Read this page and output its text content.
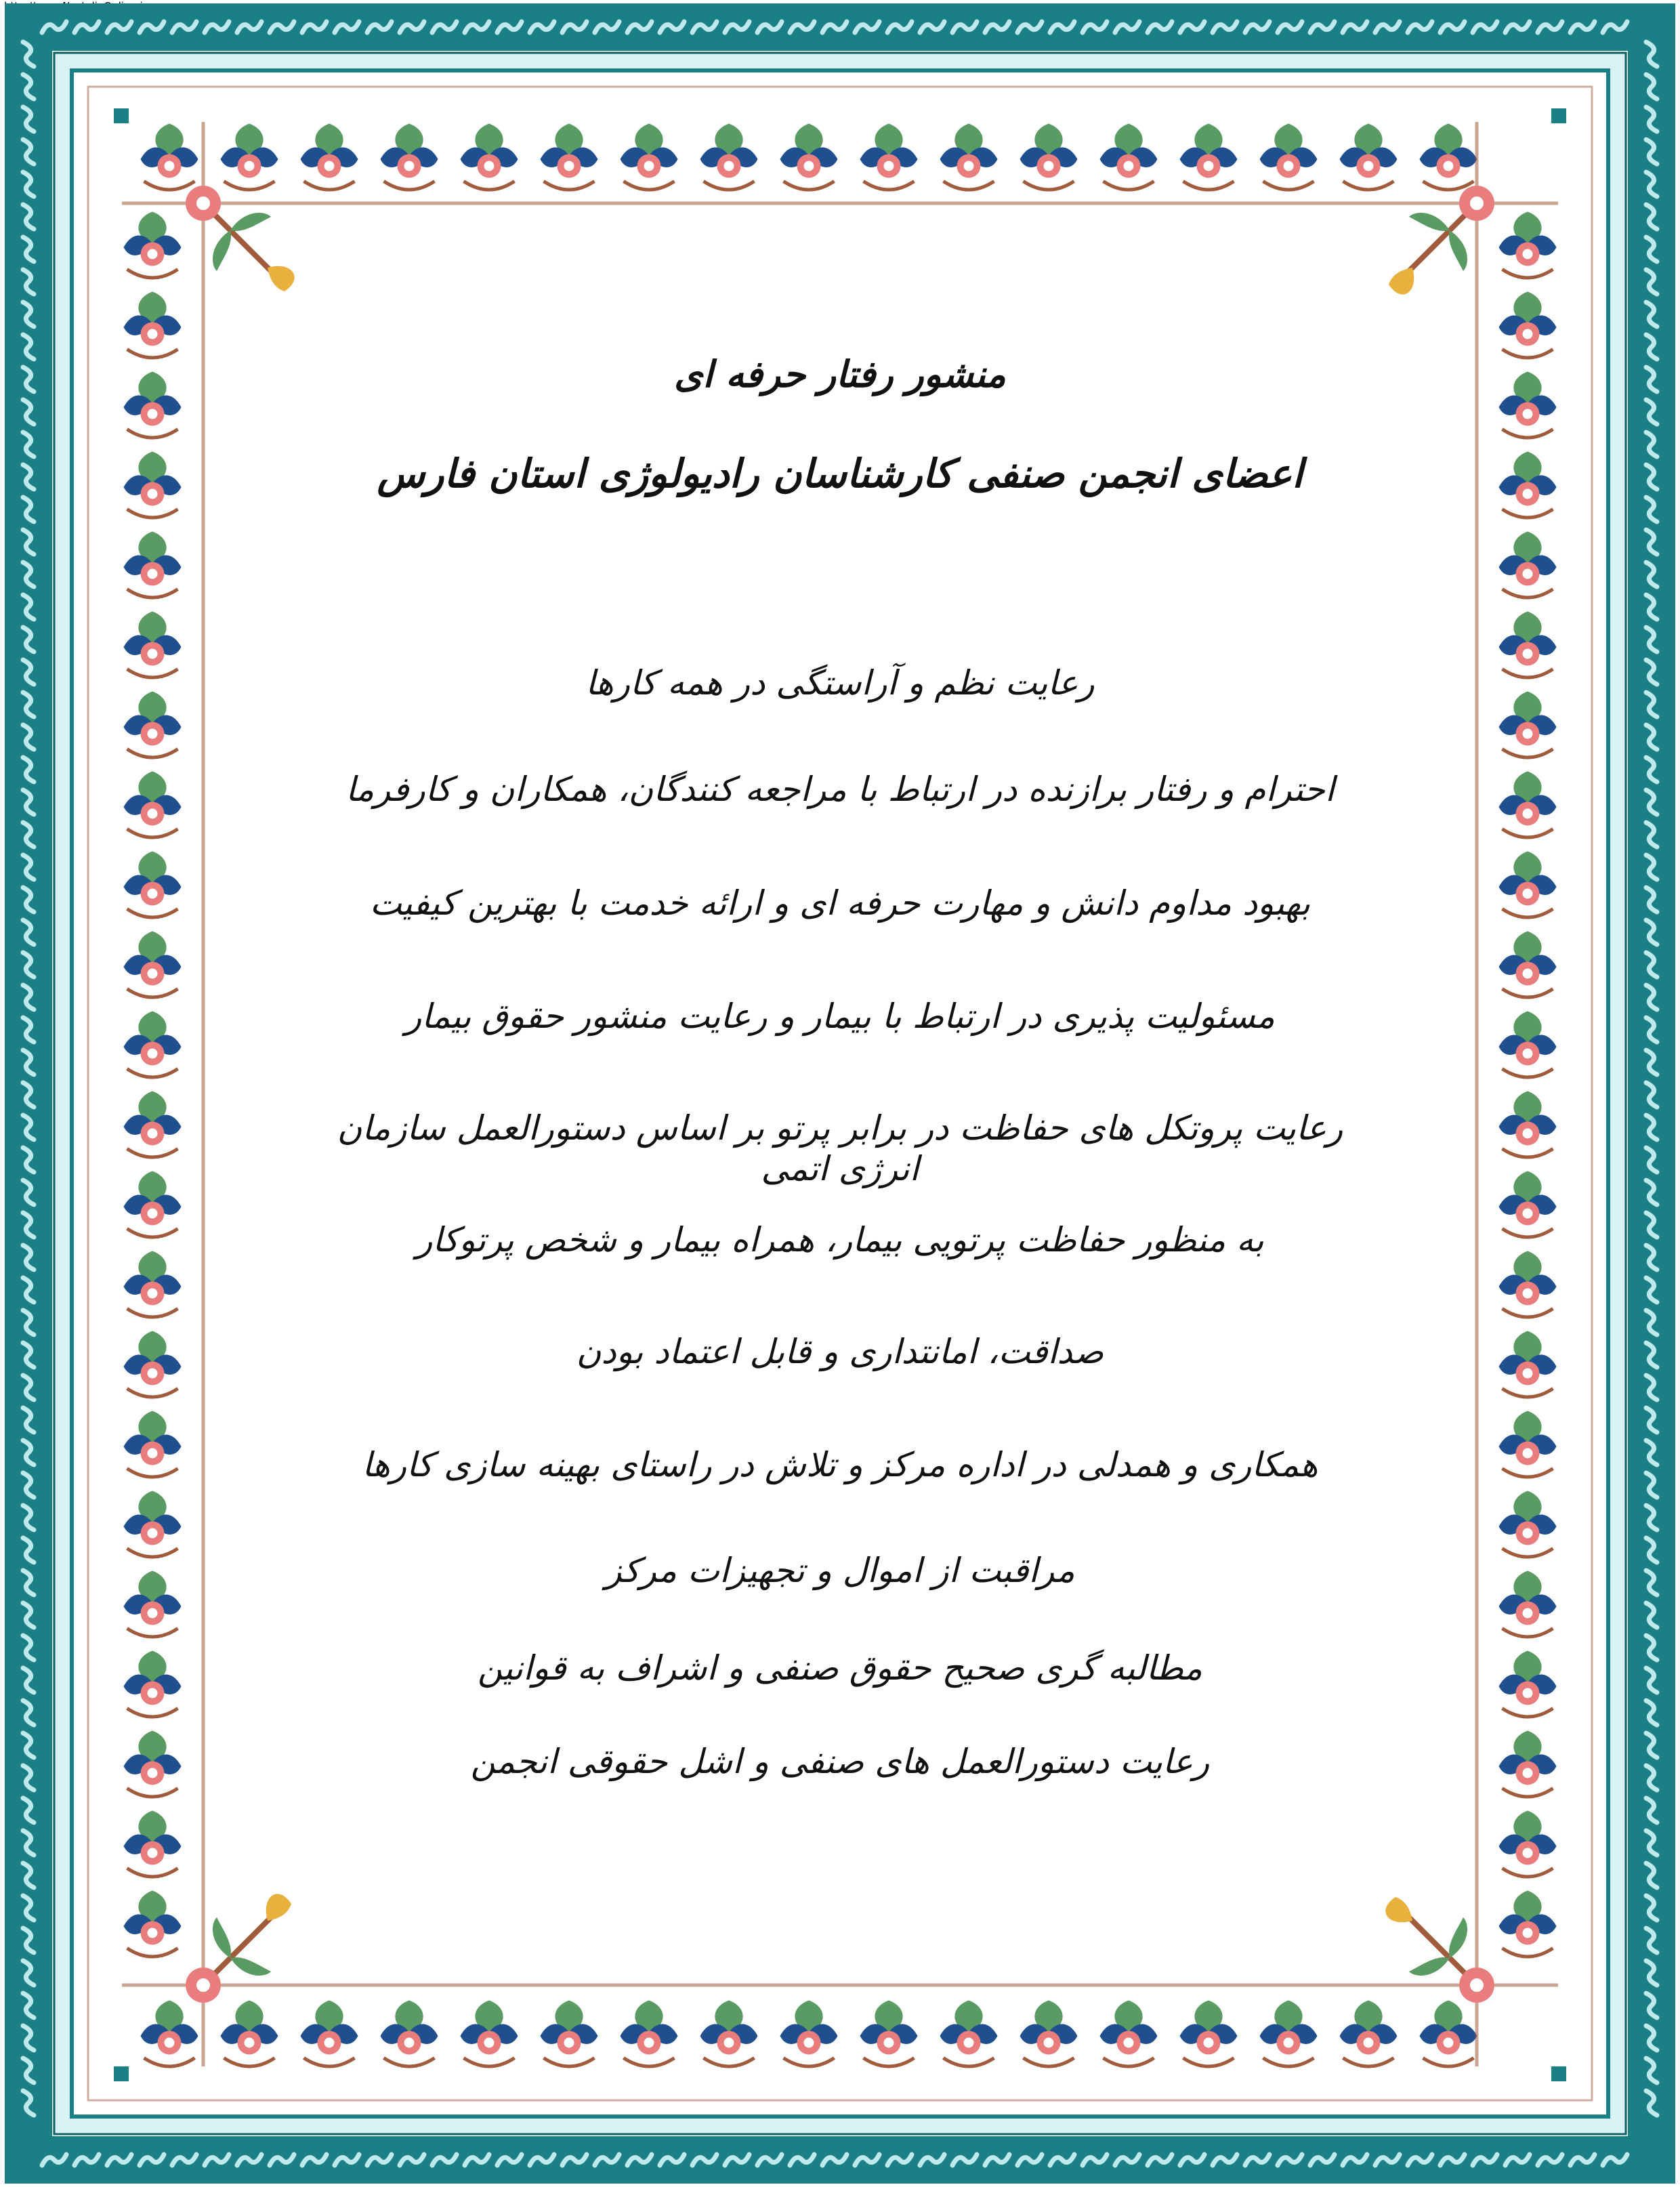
http://www.NastaliqOnline.ir
منشور رفتار حرفه ای
اعضای انجمن صنفی کارشناسان رادیولوژی استان فارس
رعایت نظم و آراستگی در همه کارها
احترام و رفتار برازنده در ارتباط با مراجعه کنندگان، همکاران و کارفرما
بهبود مداوم دانش و مهارت حرفه ای و ارائه خدمت با بهترین کیفیت
مسئولیت پذیری در ارتباط با بیمار و رعایت منشور حقوق بیمار
رعایت پروتکل های حفاظت در برابر پرتو بر اساس دستورالعمل سازمان انرژی اتمی
به منظور حفاظت پرتویی بیمار، همراه بیمار و شخص پرتوکار
صداقت، امانتداری و قابل اعتماد بودن
همکاری و همدلی در اداره مرکز و تلاش در راستای بهینه سازی کارها
مراقبت از اموال و تجهیزات مرکز
مطالبه گری صحیح حقوق صنفی و اشراف به قوانین
رعایت دستورالعمل های صنفی و اشل حقوقی انجمن
